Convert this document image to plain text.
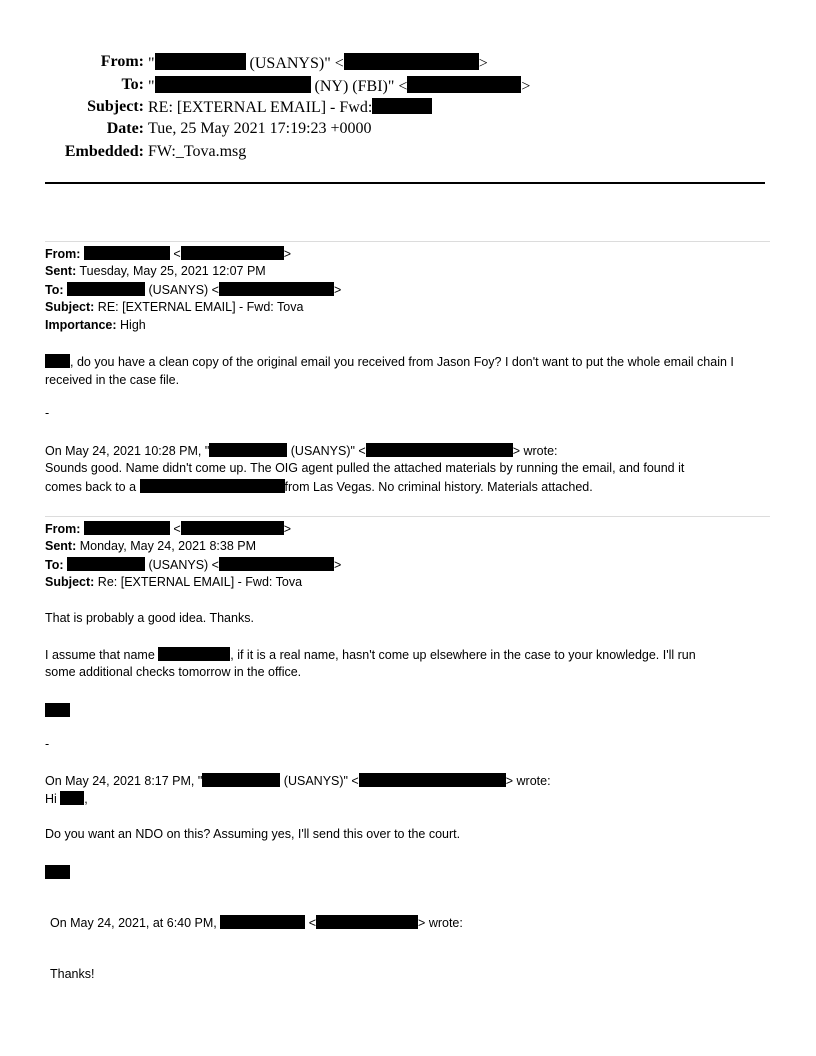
From: "	(USANYS)" <	>
To: "	(NY) (FBI)" <	>
Subject: RE: [EXTERNAL EMAIL] - Fwd:
Date: Tue, 25 May 2021 17:19:23 +0000
Embedded: FW:_Tova.msg
From:	<	>
Sent: Tuesday, May 25, 2021 12:07 PM
To:	(USANYS) <	>
Subject: RE: [EXTERNAL EMAIL] - Fwd: Tova
Importance: High
, do you have a clean copy of the original email you received from Jason Foy? I don't want to put the whole email chain I received in the case file.
-
On May 24, 2021 10:28 PM, "	(USANYS)" <	> wrote:
Sounds good. Name didn't come up. The OIG agent pulled the attached materials by running the email, and found it
comes back to a	from Las Vegas. No criminal history. Materials attached.
From:	<	>
Sent: Monday, May 24, 2021 8:38 PM
To:	(USANYS) <	>
Subject: Re: [EXTERNAL EMAIL] - Fwd: Tova
That is probably a good idea. Thanks.
I assume that name	, if it is a real name, hasn't come up elsewhere in the case to your knowledge. I'll run
some additional checks tomorrow in the office.
-
On May 24, 2021 8:17 PM, "	(USANYS)" <	> wrote:
Hi ,
Do you want an NDO on this? Assuming yes, I'll send this over to the court.
On May 24, 2021, at 6:40 PM,	<	> wrote:
Thanks!
